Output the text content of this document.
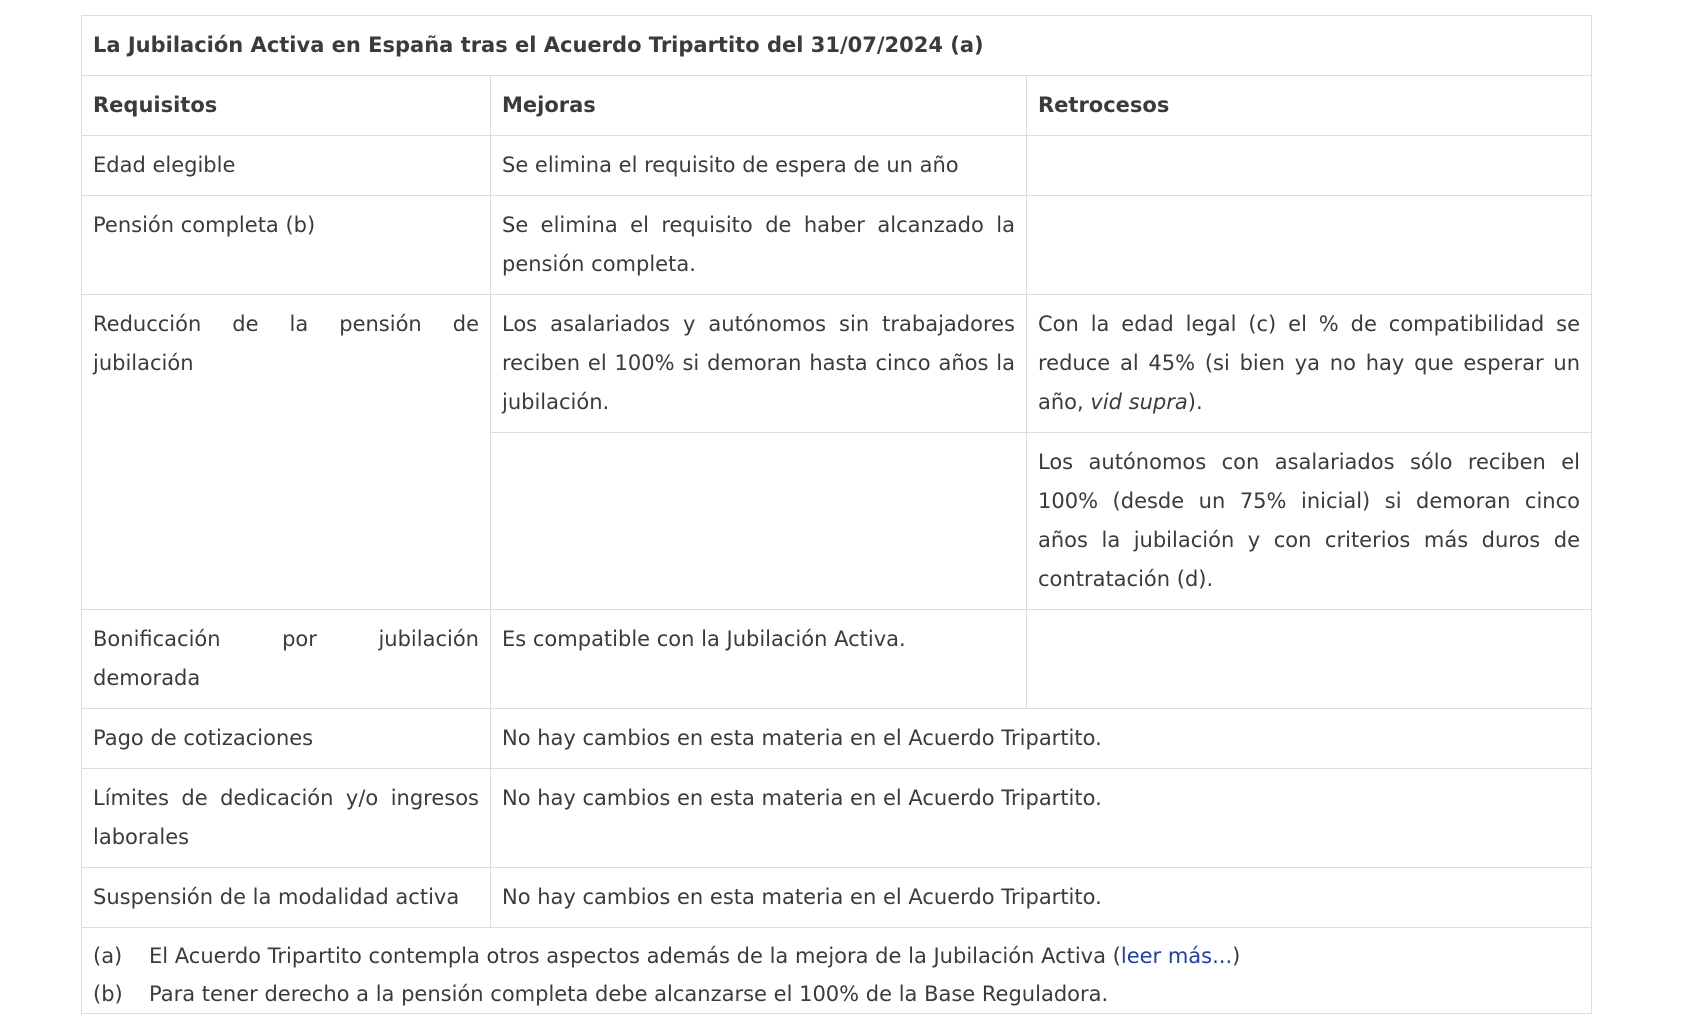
La Jubilación Activa en España tras el Acuerdo Tripartito del 31/07/2024 (a)		
Requisitos	Mejoras	Retrocesos
Edad elegible	Se elimina el requisito de espera de un año	
Pensión completa (b)	Se elimina el requisito de haber alcanzado la pensión completa.	
Reducción de la pensión de jubilación	Los asalariados y autónomos sin trabajadores reciben el 100% si demoran hasta cinco años la jubilación.	Con la edad legal (c) el % de compatibilidad se reduce al 45% (si bien ya no hay que esperar un año, vid supra).
		Los autónomos con asalariados sólo reciben el 100% (desde un 75% inicial) si demoran cinco años la jubilación y con criterios más duros de contratación (d).
Bonificación por jubilación demorada	Es compatible con la Jubilación Activa.	
Pago de cotizaciones	No hay cambios en esta materia en el Acuerdo Tripartito.	
Límites de dedicación y/o ingresos laborales	No hay cambios en esta materia en el Acuerdo Tripartito.	
Suspensión de la modalidad activa	No hay cambios en esta materia en el Acuerdo Tripartito.	

(a) El Acuerdo Tripartito contempla otros aspectos además de la mejora de la Jubilación Activa (leer más...)
(b) Para tener derecho a la pensión completa debe alcanzarse el 100% de la Base Reguladora.		
